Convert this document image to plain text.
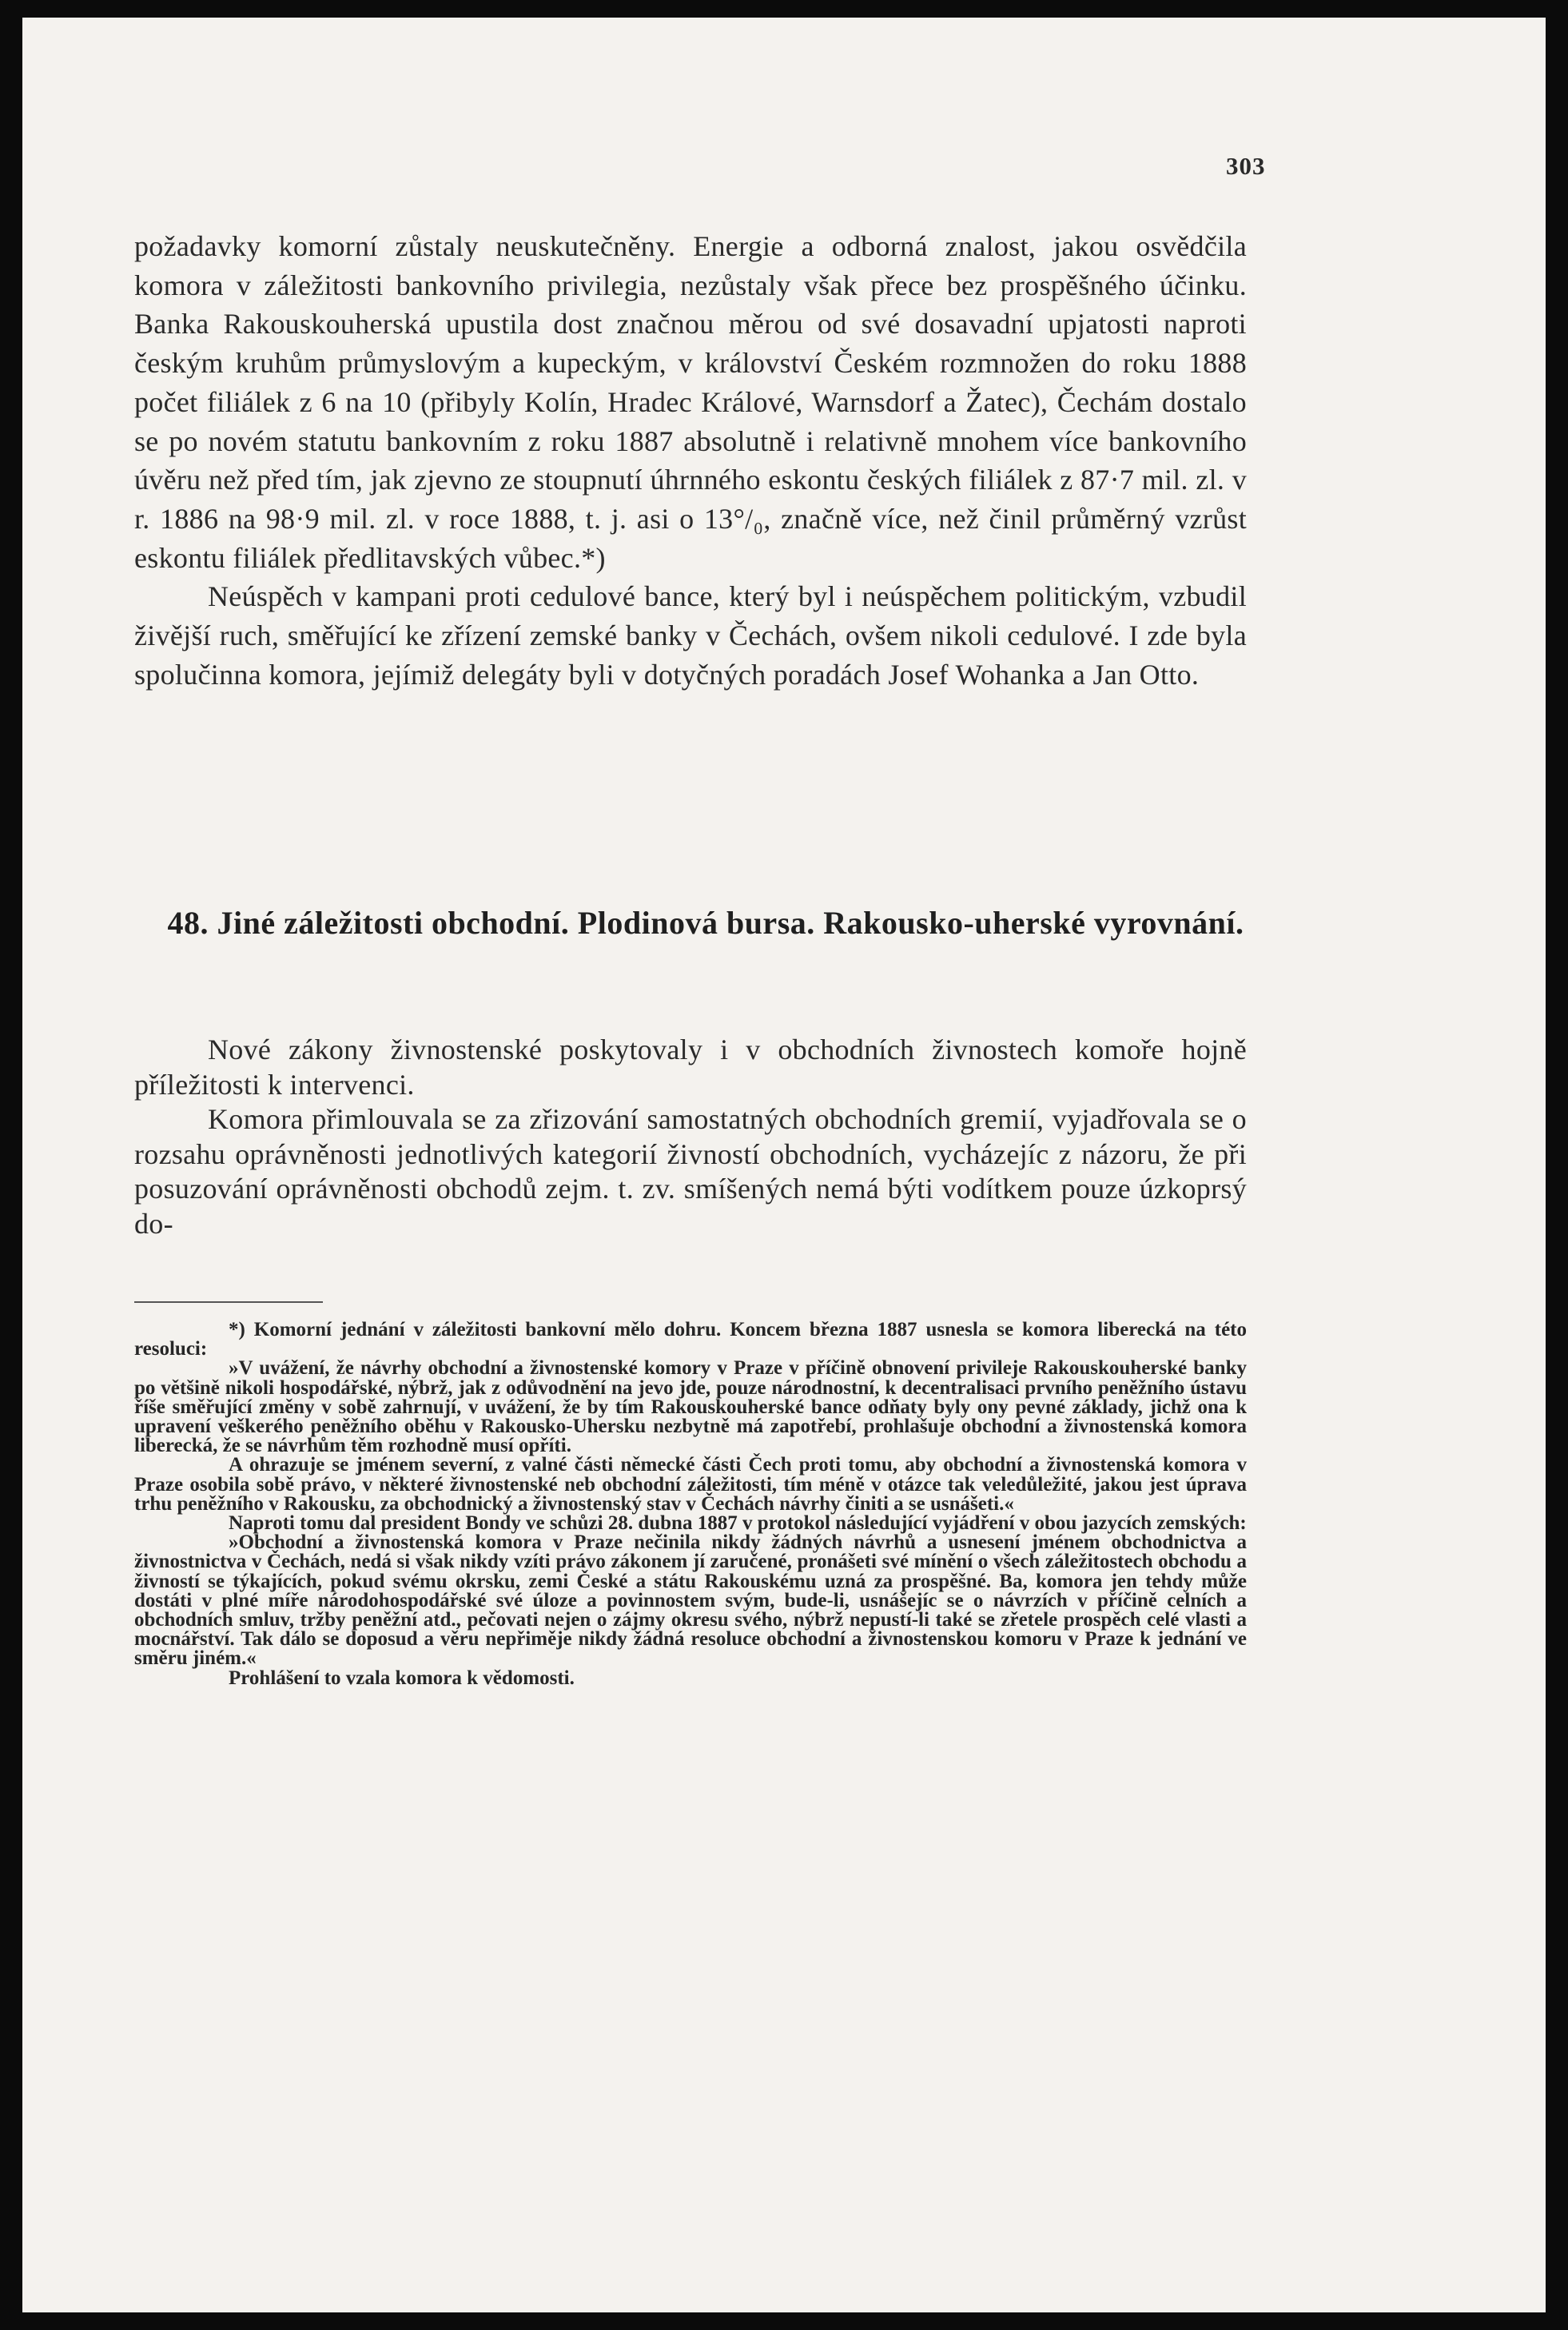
303

požadavky komorní zůstaly neuskutečněny. Energie a odborná znalost, jakou osvědčila komora v záležitosti bankovního privilegia, nezůstaly však přece bez prospěšného účinku. Banka Rakouskouherská upustila dost značnou měrou od své dosavadní upjatosti naproti českým kruhům průmyslovým a kupeckým, v království Českém rozmnožen do roku 1888 počet filiálek z 6 na 10 (přibyly Kolín, Hradec Králové, Warnsdorf a Žatec), Čechám dostalo se po novém statutu bankovním z roku 1887 absolutně i relativně mnohem více bankovního úvěru než před tím, jak zjevno ze stoupnutí úhrnného eskontu českých filiálek z 87·7 mil. zl. v r. 1886 na 98·9 mil. zl. v roce 1888, t. j. asi o 13°/₀, značně více, než činil průměrný vzrůst eskontu filiálek předlitavských vůbec.*)

Neúspěch v kampani proti cedulové bance, který byl i neúspěchem politickým, vzbudil živější ruch, směřující ke zřízení zemské banky v Čechách, ovšem nikoli cedulové. I zde byla spolučinna komora, jejímiž delegáty byli v dotyčných poradách Josef Wohanka a Jan Otto.

48. Jiné záležitosti obchodní. Plodinová bursa. Rakousko-uherské vyrovnání.

Nové zákony živnostenské poskytovaly i v obchodních živnostech komoře hojně příležitosti k intervenci.

Komora přimlouvala se za zřizování samostatných obchodních gremií, vyjadřovala se o rozsahu oprávněnosti jednotlivých kategorií živností obchodních, vycházejíc z názoru, že při posuzování oprávněnosti obchodů zejm. t. zv. smíšených nemá býti vodítkem pouze úzkoprsý do-

*) Komorní jednání v záležitosti bankovní mělo dohru. Koncem března 1887 usnesla se komora liberecká na této resoluci:

»V uvážení, že návrhy obchodní a živnostenské komory v Praze v příčině obnovení privileje Rakouskouherské banky po většině nikoli hospodářské, nýbrž, jak z odůvodnění na jevo jde, pouze národnostní, k decentralisaci prvního peněžního ústavu říše směřující změny v sobě zahrnují, v uvážení, že by tím Rakouskouherské bance odňaty byly ony pevné základy, jichž ona k upravení veškerého peněžního oběhu v Rakousko-Uhersku nezbytně má zapotřebí, prohlašuje obchodní a živnostenská komora liberecká, že se návrhům těm rozhodně musí opříti.

A ohrazuje se jménem severní, z valné části německé části Čech proti tomu, aby obchodní a živnostenská komora v Praze osobila sobě právo, v některé živnostenské neb obchodní záležitosti, tím méně v otázce tak veledůležité, jakou jest úprava trhu peněžního v Rakousku, za obchodnický a živnostenský stav v Čechách návrhy činiti a se usnášeti.«

Naproti tomu dal president Bondy ve schůzi 28. dubna 1887 v protokol následující vyjádření v obou jazycích zemských:

»Obchodní a živnostenská komora v Praze nečinila nikdy žádných návrhů a usnesení jménem obchodnictva a živnostnictva v Čechách, nedá si však nikdy vzíti právo zákonem jí zaručené, pronášeti své mínění o všech záležitostech obchodu a živností se týkajících, pokud svému okrsku, zemi České a státu Rakouskému uzná za prospěšné. Ba, komora jen tehdy může dostáti v plné míře národohospodářské své úloze a povinnostem svým, bude-li, usnášejíc se o návrzích v příčině celních a obchodních smluv, tržby peněžní atd., pečovati nejen o zájmy okresu svého, nýbrž nepustí-li také se zřetele prospěch celé vlasti a mocnářství. Tak dálo se doposud a věru nepřiměje nikdy žádná resoluce obchodní a živnostenskou komoru v Praze k jednání ve směru jiném.«

Prohlášení to vzala komora k vědomosti.
